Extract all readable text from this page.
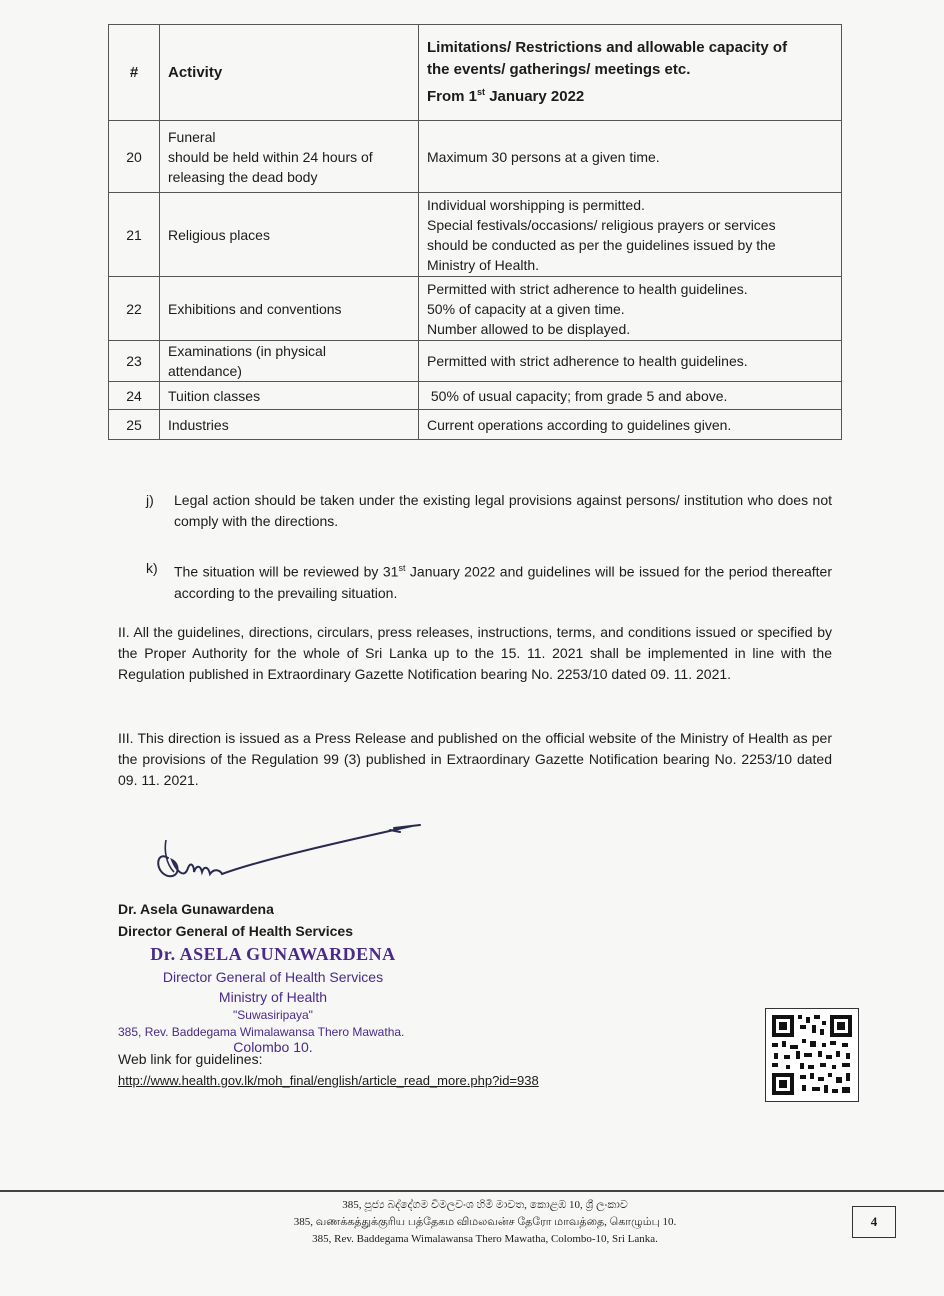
#	Activity	Limitations/ Restrictions and allowable capacity of
the events/ gatherings/ meetings etc.
From 1st January 2022

20	Funeral
should be held within 24 hours of
releasing the dead body	Maximum 30 persons at a given time.

21	Religious places	Individual worshipping is permitted.
Special festivals/occasions/ religious prayers or services
should be conducted as per the guidelines issued by the
Ministry of Health.

22	Exhibitions and conventions	Permitted with strict adherence to health guidelines.
50% of capacity at a given time.
Number allowed to be displayed.

23	Examinations (in physical
attendance)	Permitted with strict adherence to health guidelines.

24	Tuition classes	50% of usual capacity; from grade 5 and above.

25	Industries	Current operations according to guidelines given.
j) Legal action should be taken under the existing legal provisions against persons/ institution who does not comply with the directions.
k) The situation will be reviewed by 31st January 2022 and guidelines will be issued for the period thereafter according to the prevailing situation.
II. All the guidelines, directions, circulars, press releases, instructions, terms, and conditions issued or specified by the Proper Authority for the whole of Sri Lanka up to the 15. 11. 2021 shall be implemented in line with the Regulation published in Extraordinary Gazette Notification bearing No. 2253/10 dated 09. 11. 2021.
III. This direction is issued as a Press Release and published on the official website of the Ministry of Health as per the provisions of the Regulation 99 (3) published in Extraordinary Gazette Notification bearing No. 2253/10 dated 09. 11. 2021.
Dr. Asela Gunawardena
Director General of Health Services
Dr. ASELA GUNAWARDENA
Director General of Health Services
Ministry of Health
"Suwasiripaya"
385, Rev. Baddegama Wimalawansa Thero Mawatha.
Colombo 10.
Web link for guidelines:
http://www.health.gov.lk/moh_final/english/article_read_more.php?id=938
385, පූජ්‍ය බද්දේගම විමලවංශ හිමි මාවත, කොළඹ 10, ශ්‍රී ලංකාව
385, வணக்கத்துக்குரிய பத்தேகம விமலவன்ச தேரோ மாவத்தை, கொழும்பு 10.
385, Rev. Baddegama Wimalawansa Thero Mawatha, Colombo-10, Sri Lanka.
4
